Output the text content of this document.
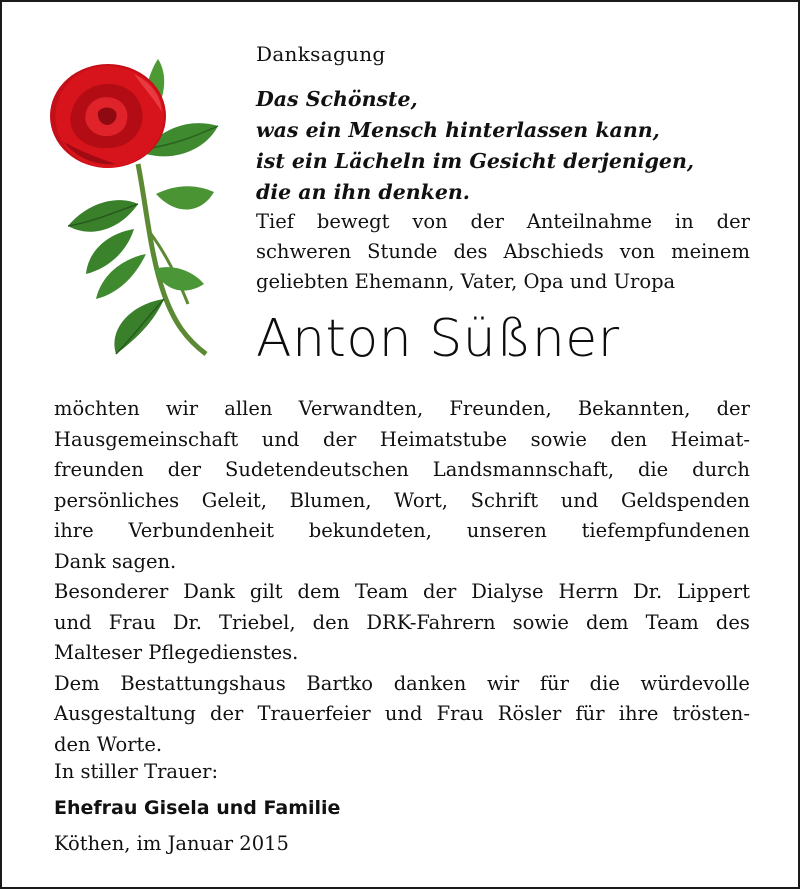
Danksagung
Das Schönste,
was ein Mensch hinterlassen kann,
ist ein Lächeln im Gesicht derjenigen,
die an ihn denken.
Tief bewegt von der Anteilnahme in der
schweren Stunde des Abschieds von meinem
geliebten Ehemann, Vater, Opa und Uropa
Anton Süßner
möchten wir allen Verwandten, Freunden, Bekannten, der
Hausgemeinschaft und der Heimatstube sowie den Heimat-
freunden der Sudetendeutschen Landsmannschaft, die durch
persönliches Geleit, Blumen, Wort, Schrift und Geldspenden
ihre Verbundenheit bekundeten, unseren tiefempfundenen
Dank sagen.
Besonderer Dank gilt dem Team der Dialyse Herrn Dr. Lippert
und Frau Dr. Triebel, den DRK-Fahrern sowie dem Team des
Malteser Pflegedienstes.
Dem Bestattungshaus Bartko danken wir für die würdevolle
Ausgestaltung der Trauerfeier und Frau Rösler für ihre trösten-
den Worte.
In stiller Trauer:
Ehefrau Gisela und Familie
Köthen, im Januar 2015
